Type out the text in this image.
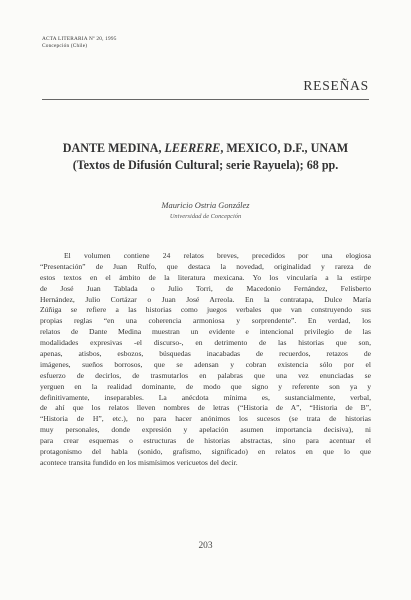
ACTA LITERARIA Nº 20, 1995
Concepción (Chile)
RESEÑAS
DANTE MEDINA, LEERERE, MEXICO, D.F., UNAM
(Textos de Difusión Cultural; serie Rayuela); 68 pp.
Mauricio Ostria González
Universidad de Concepción
El volumen contiene 24 relatos breves, precedidos por una elogiosa
“Presentación” de Juan Rulfo, que destaca la novedad, originalidad y rareza de
estos textos en el ámbito de la literatura mexicana. Yo los vincularía a la estirpe
de José Juan Tablada o Julio Torri, de Macedonio Fernández, Felisberto
Hernández, Julio Cortázar o Juan José Arreola. En la contratapa, Dulce María
Zúñiga se refiere a las historias como juegos verbales que van construyendo sus
propias reglas “en una coherencia armoniosa y sorprendente”. En verdad, los
relatos de Dante Medina muestran un evidente e intencional privilegio de las
modalidades expresivas -el discurso-, en detrimento de las historias que son,
apenas, atisbos, esbozos, búsquedas inacabadas de recuerdos, retazos de
imágenes, sueños borrosos, que se adensan y cobran existencia sólo por el
esfuerzo de decirlos, de trasmutarlos en palabras que una vez enunciadas se
yerguen en la realidad dominante, de modo que signo y referente son ya y
definitivamente, inseparables. La anécdota mínima es, sustancialmente, verbal,
de ahí que los relatos lleven nombres de letras (“Historia de A”, “Historia de B”,
“Historia de H”, etc.), no para hacer anónimos los sucesos (se trata de historias
muy personales, donde expresión y apelación asumen importancia decisiva), ni
para crear esquemas o estructuras de historias abstractas, sino para acentuar el
protagonismo del habla (sonido, grafismo, significado) en relatos en que lo que
acontece transita fundido en los mismísimos vericuetos del decir.
203
